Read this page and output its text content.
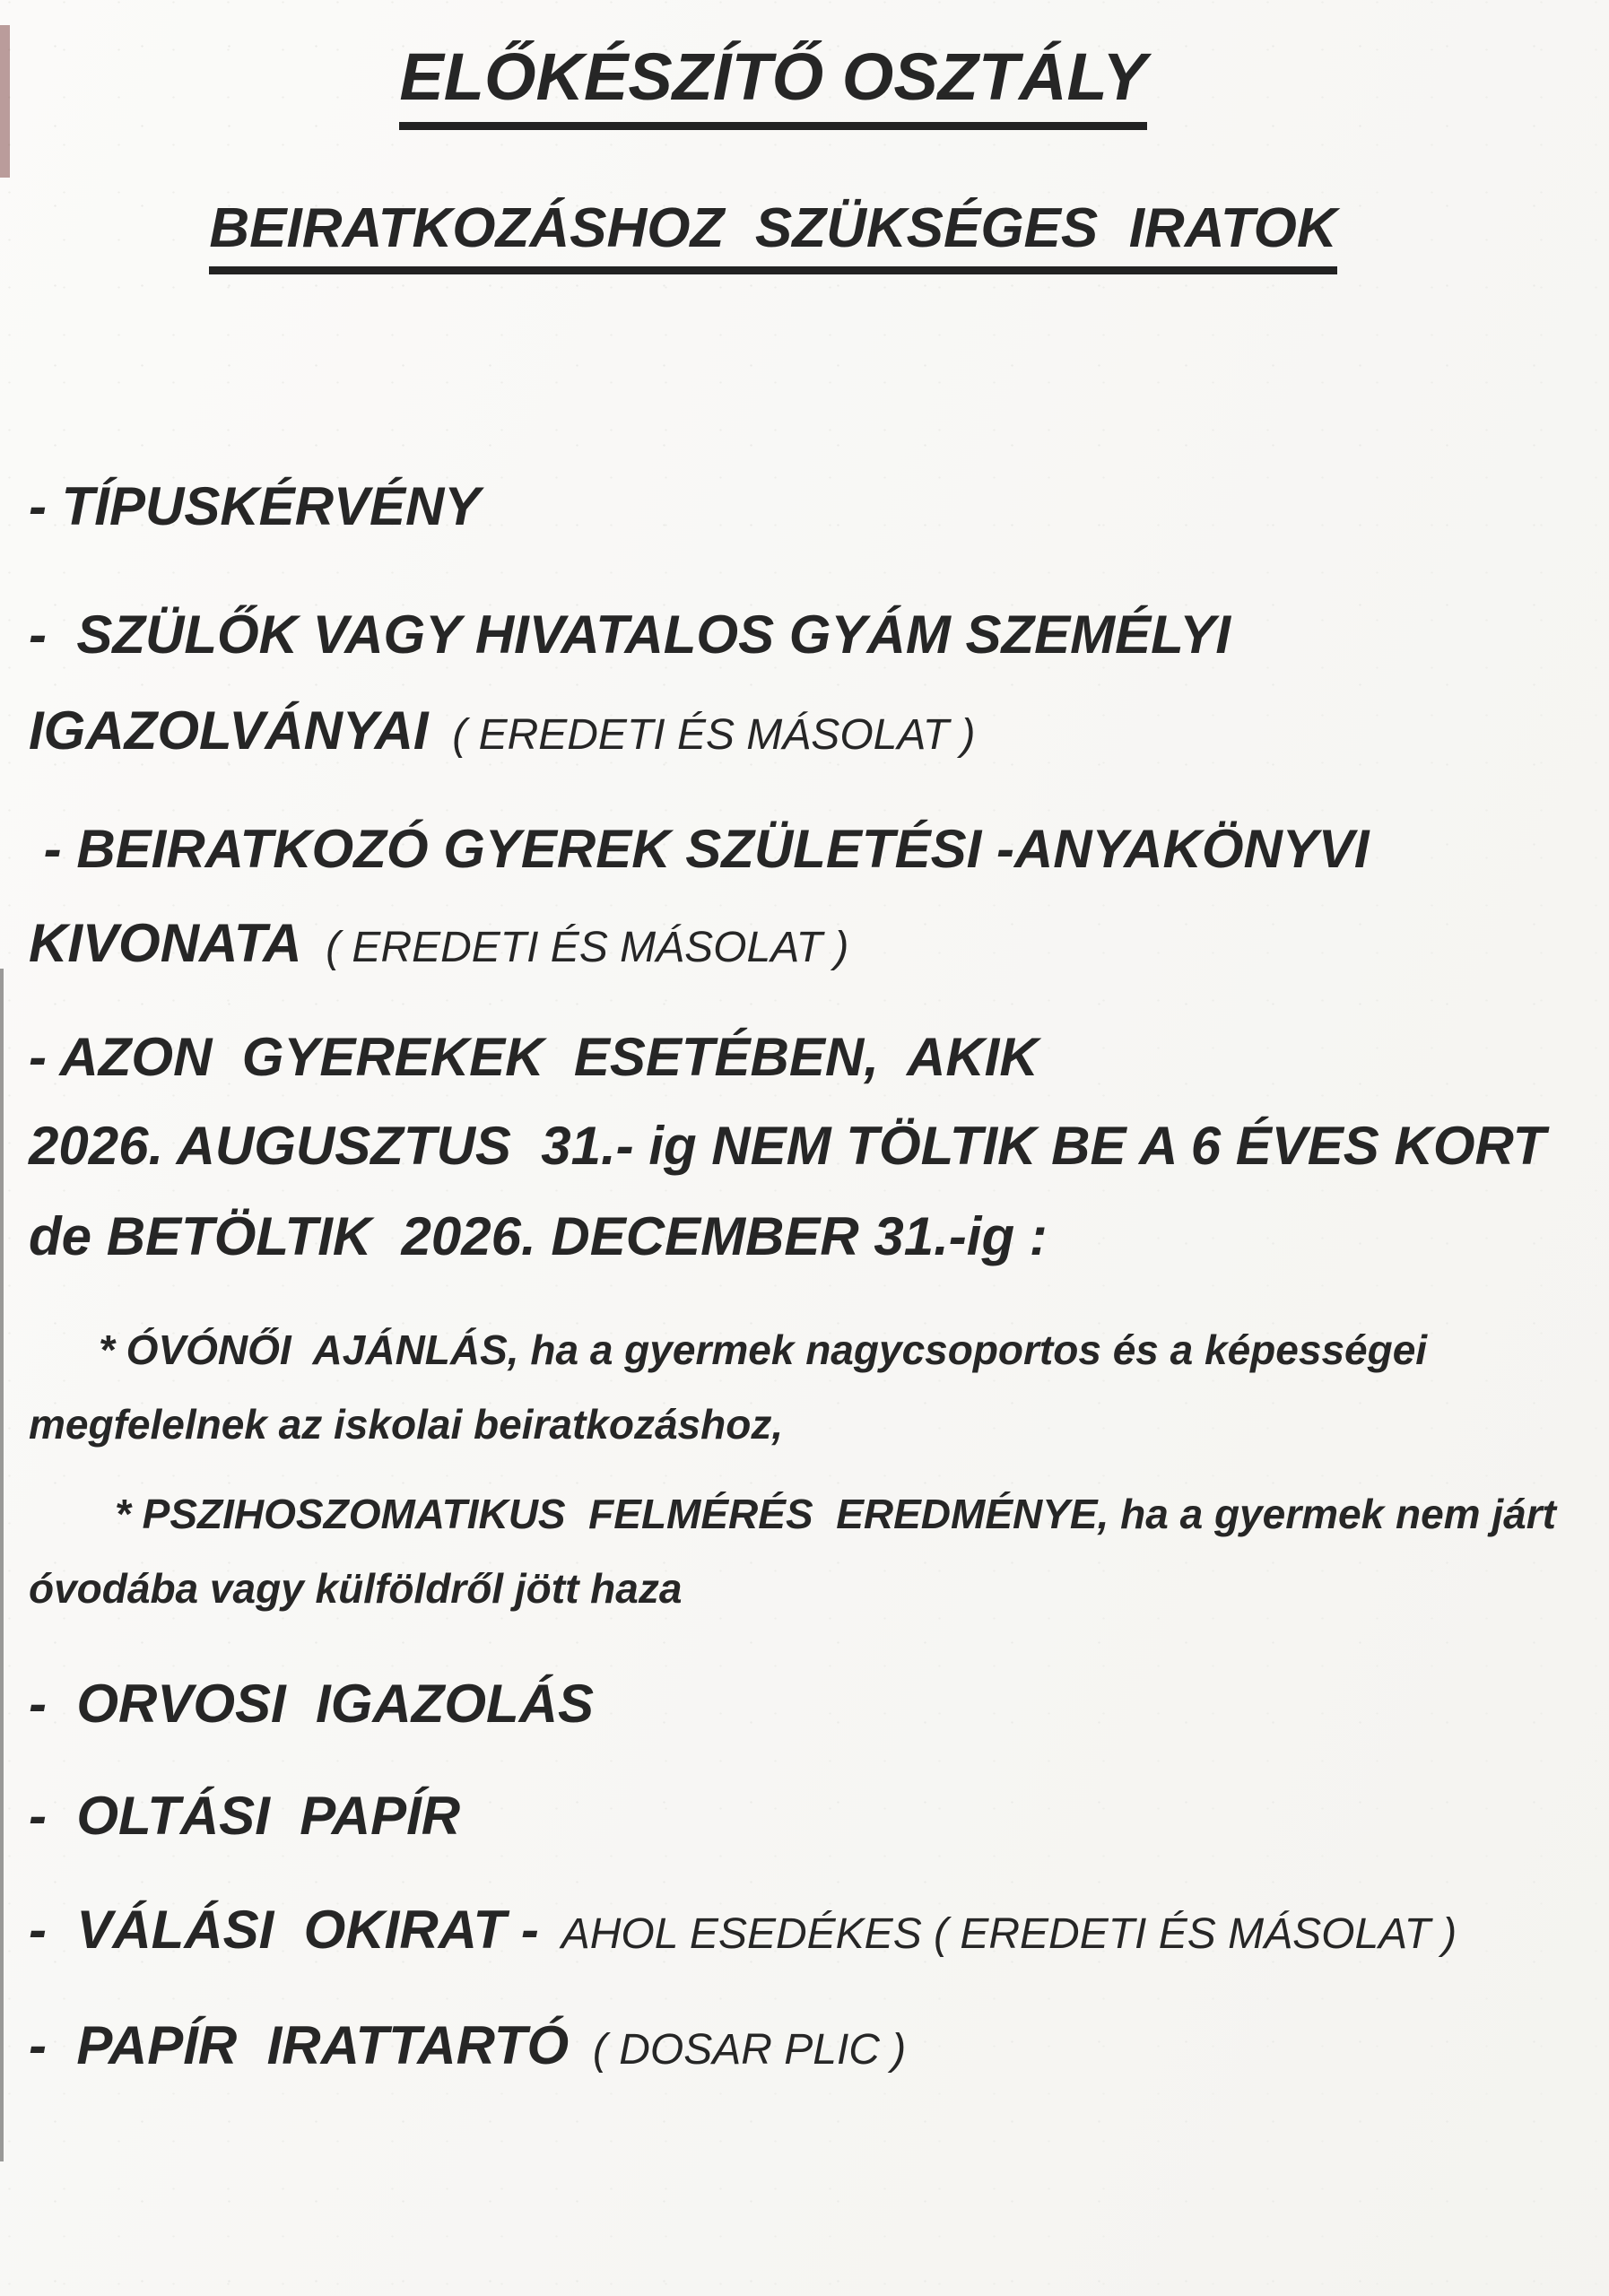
ELŐKÉSZÍTŐ OSZTÁLY
BEIRATKOZÁSHOZ  SZÜKSÉGES  IRATOK

- TÍPUSKÉRVÉNY

-  SZÜLŐK VAGY HIVATALOS GYÁM SZEMÉLYI

IGAZOLVÁNYAI  ( EREDETI ÉS MÁSOLAT )

- BEIRATKOZÓ GYEREK SZÜLETÉSI -ANYAKÖNYVI

KIVONATA  ( EREDETI ÉS MÁSOLAT )

- AZON  GYEREKEK  ESETÉBEN,  AKIK

2026. AUGUSZTUS  31.- ig NEM TÖLTIK BE A 6 ÉVES KORT

de BETÖLTIK  2026. DECEMBER 31.-ig :

* ÓVÓNŐI  AJÁNLÁS, ha a gyermek nagycsoportos és a képességei

megfelelnek az iskolai beiratkozáshoz,

* PSZIHOSZOMATIKUS  FELMÉRÉS  EREDMÉNYE, ha a gyermek nem járt

óvodába vagy külföldről jött haza

-  ORVOSI  IGAZOLÁS

-  OLTÁSI  PAPÍR

-  VÁLÁSI  OKIRAT -  AHOL ESEDÉKES ( EREDETI ÉS MÁSOLAT )

-  PAPÍR  IRATTARTÓ  ( DOSAR PLIC )
